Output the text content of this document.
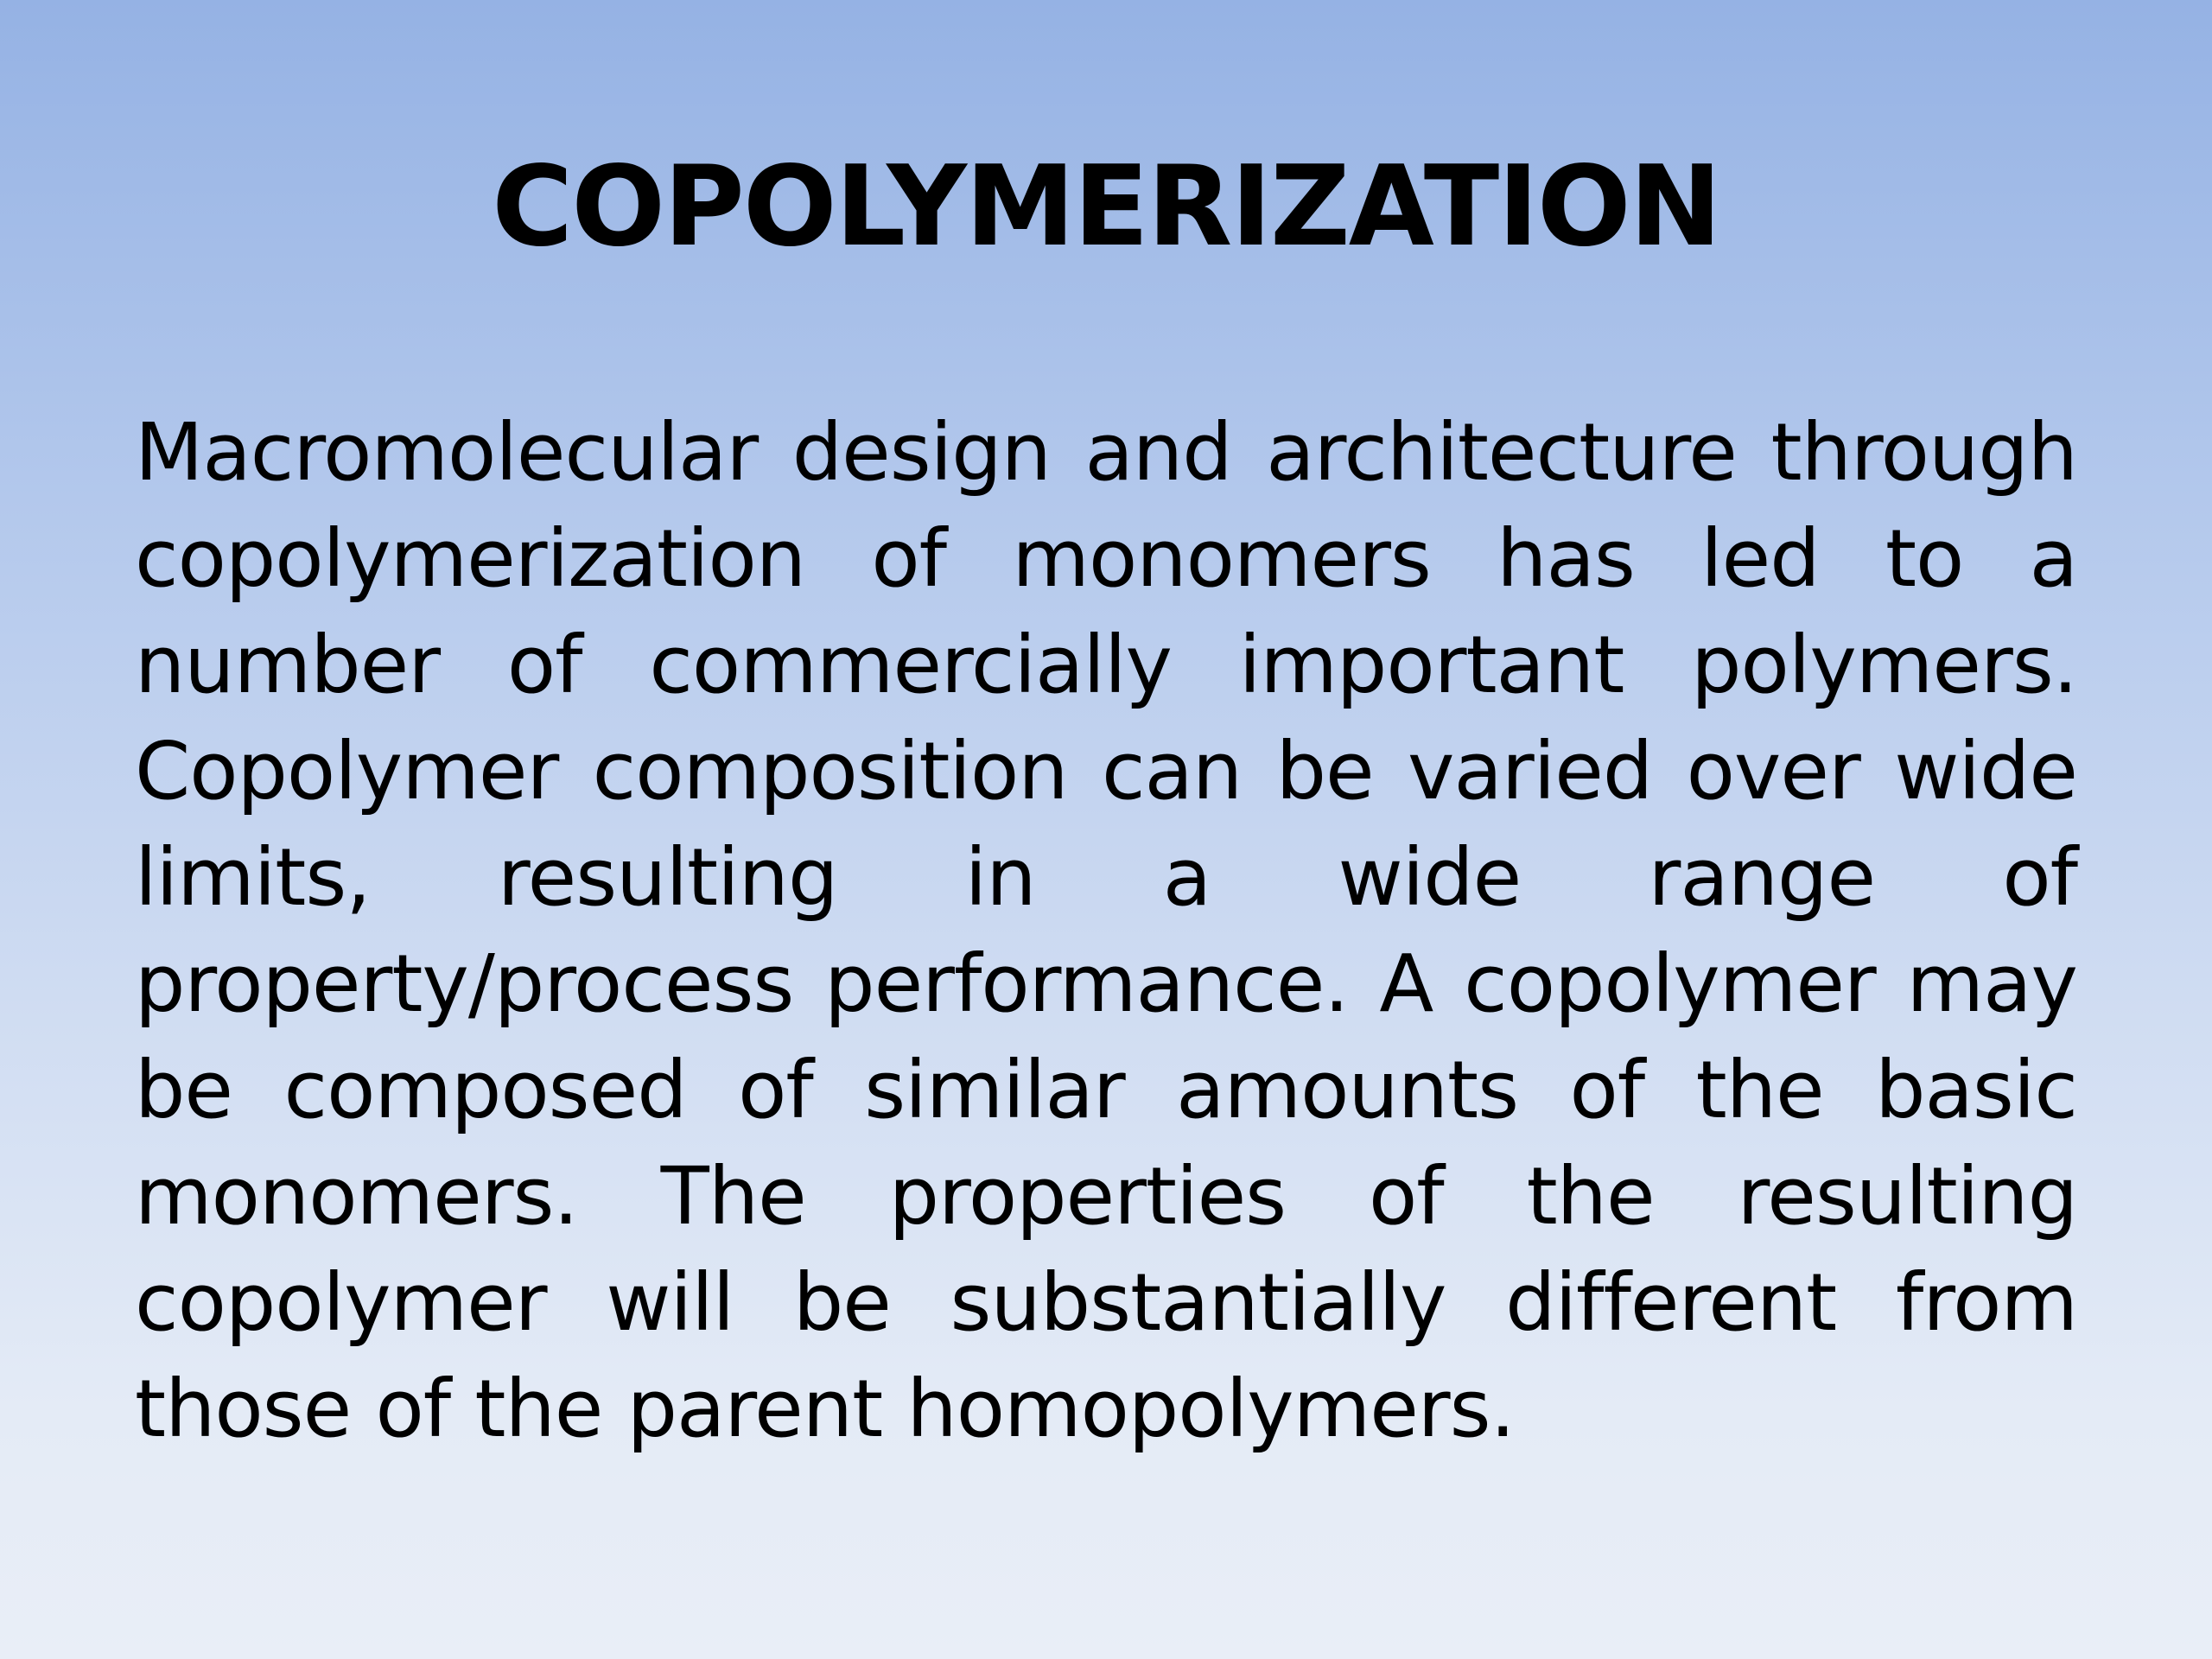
COPOLYMERIZATION

Macromolecular design and architecture through copolymerization of monomers has led to a number of commercially important polymers. Copolymer composition can be varied over wide limits, resulting in a wide range of property/process performance. A copolymer may be composed of similar amounts of the basic monomers. The properties of the resulting copolymer will be substantially different from those of the parent homopolymers.
